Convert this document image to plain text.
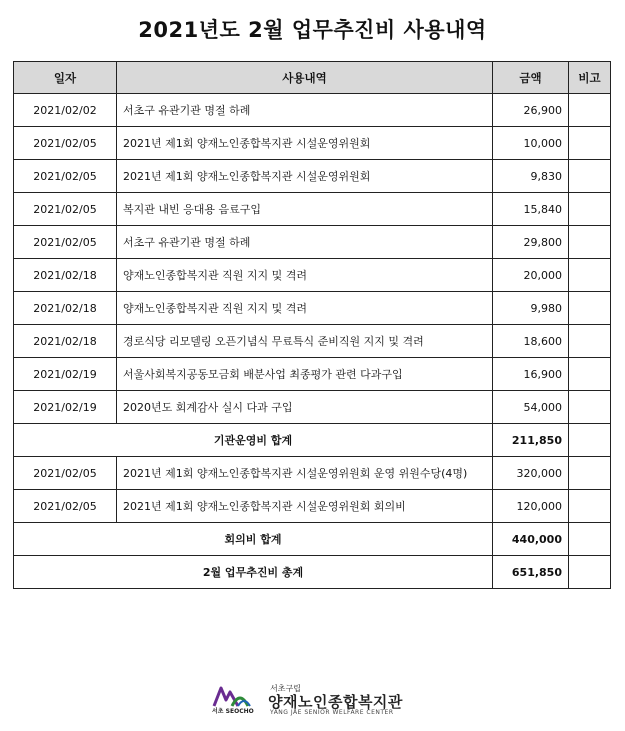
2021년도 2월 업무추진비 사용내역
일자	사용내역	금액	비고
2021/02/02	서초구 유관기관 명절 하례	26,900	
2021/02/05	2021년 제1회 양재노인종합복지관 시설운영위원회	10,000	
2021/02/05	2021년 제1회 양재노인종합복지관 시설운영위원회	9,830	
2021/02/05	복지관 내빈 응대용 음료구입	15,840	
2021/02/05	서초구 유관기관 명절 하례	29,800	
2021/02/18	양재노인종합복지관 직원 지지 및 격려	20,000	
2021/02/18	양재노인종합복지관 직원 지지 및 격려	9,980	
2021/02/18	경로식당 리모델링 오픈기념식 무료특식 준비직원 지지 및 격려	18,600	
2021/02/19	서울사회복지공동모금회 배분사업 최종평가 관련 다과구입	16,900	
2021/02/19	2020년도 회계감사 실시 다과 구입	54,000	
기관운영비 합계		211,850	
2021/02/05	2021년 제1회 양재노인종합복지관 시설운영위원회 운영 위원수당(4명)	320,000	
2021/02/05	2021년 제1회 양재노인종합복지관 시설운영위원회 회의비	120,000	
회의비 합계		440,000	
2월 업무추진비 총계		651,850	
서초 SEOCHO
서초구립
양재노인종합복지관
YANG JAE SENIOR WELFARE CENTER
